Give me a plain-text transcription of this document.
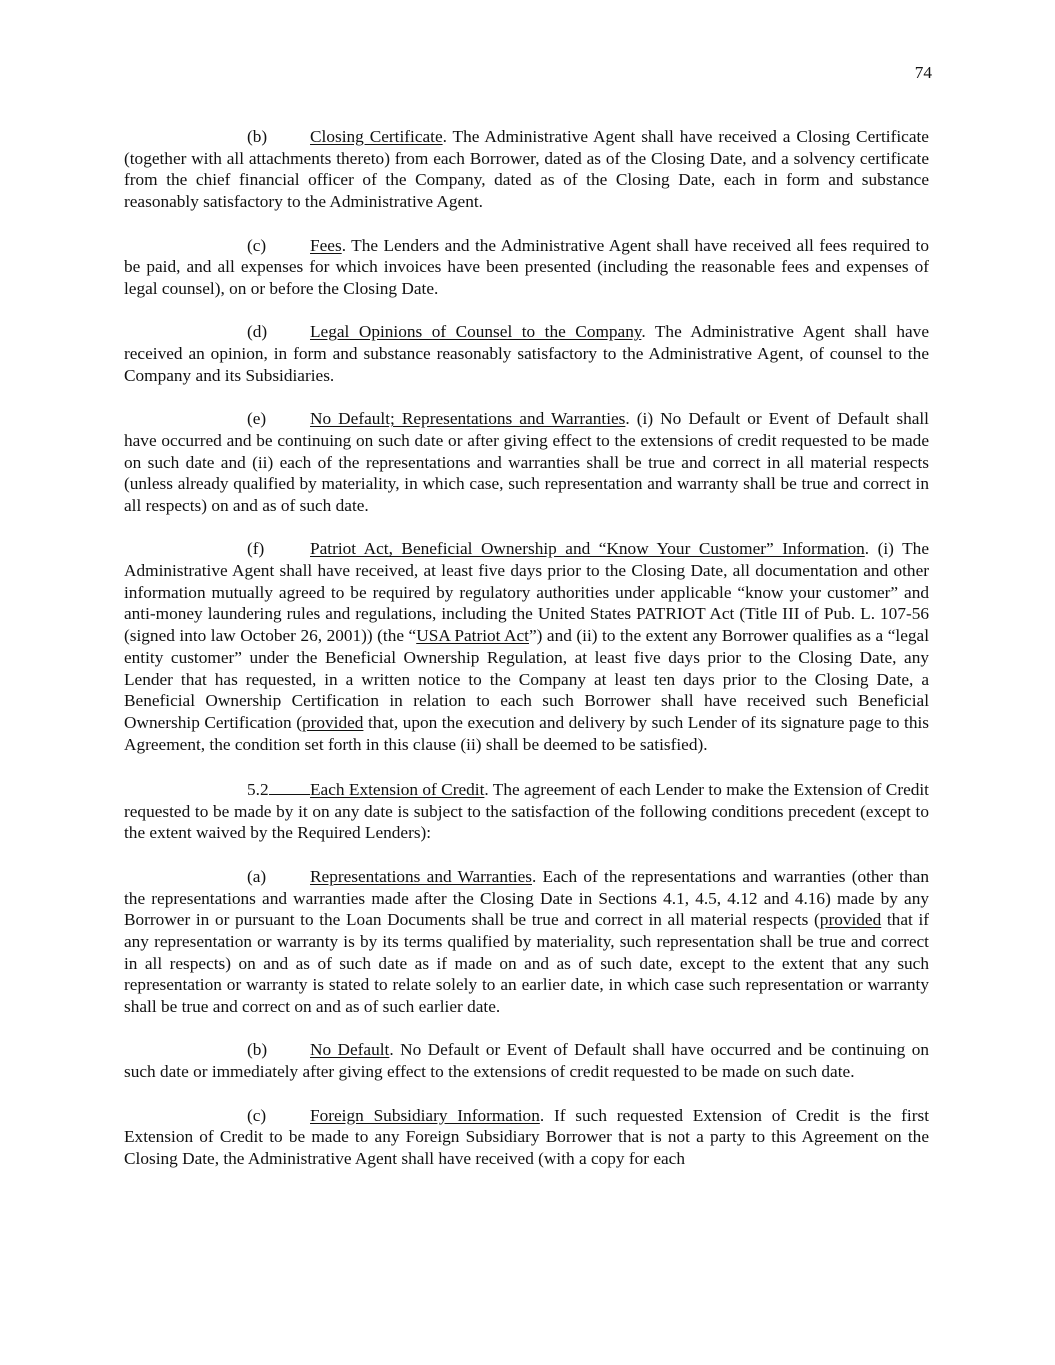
74

(b) Closing Certificate. The Administrative Agent shall have received a Closing Certificate (together with all attachments thereto) from each Borrower, dated as of the Closing Date, and a solvency certificate from the chief financial officer of the Company, dated as of the Closing Date, each in form and substance reasonably satisfactory to the Administrative Agent.

(c)	Fees. The Lenders and the Administrative Agent shall have received all fees required to be paid, and all expenses for which invoices have been presented (including the reasonable fees and expenses of legal counsel), on or before the Closing Date.

(d) Legal Opinions of Counsel to the Company. The Administrative Agent shall have received an opinion, in form and substance reasonably satisfactory to the Administrative Agent, of counsel to the Company and its Subsidiaries.

(e)	No Default; Representations and Warranties. (i) No Default or Event of Default shall have occurred and be continuing on such date or after giving effect to the extensions of credit requested to be made on such date and (ii) each of the representations and warranties shall be true and correct in all material respects (unless already qualified by materiality, in which case, such representation and warranty shall be true and correct in all respects) on and as of such date.

(f)	Patriot Act, Beneficial Ownership and “Know Your Customer” Information. (i) The Administrative Agent shall have received, at least five days prior to the Closing Date, all documentation and other information mutually agreed to be required by regulatory authorities under applicable “know your customer” and anti-money laundering rules and regulations, including the United States PATRIOT Act (Title III of Pub. L. 107-56 (signed into law October 26, 2001)) (the “USA Patriot Act”) and (ii) to the extent any Borrower qualifies as a “legal entity customer” under the Beneficial Ownership Regulation, at least five days prior to the Closing Date, any Lender that has requested, in a written notice to the Company at least ten days prior to the Closing Date, a Beneficial Ownership Certification in relation to each such Borrower shall have received such Beneficial Ownership Certification (provided that, upon the execution and delivery by such Lender of its signature page to this Agreement, the condition set forth in this clause (ii) shall be deemed to be satisfied).

5.2 Each Extension of Credit. The agreement of each Lender to make the Extension of Credit requested to be made by it on any date is subject to the satisfaction of the following conditions precedent (except to the extent waived by the Required Lenders):

(a)	Representations and Warranties. Each of the representations and warranties (other than the representations and warranties made after the Closing Date in Sections 4.1, 4.5, 4.12 and 4.16) made by any Borrower in or pursuant to the Loan Documents shall be true and correct in all material respects (provided that if any representation or warranty is by its terms qualified by materiality, such representation shall be true and correct in all respects) on and as of such date as if made on and as of such date, except to the extent that any such representation or warranty is stated to relate solely to an earlier date, in which case such representation or warranty shall be true and correct on and as of such earlier date.

(b) No Default. No Default or Event of Default shall have occurred and be continuing on such date or immediately after giving effect to the extensions of credit requested to be made on such date.

(c)	Foreign Subsidiary Information. If such requested Extension of Credit is the first Extension of Credit to be made to any Foreign Subsidiary Borrower that is not a party to this Agreement on the Closing Date, the Administrative Agent shall have received (with a copy for each
